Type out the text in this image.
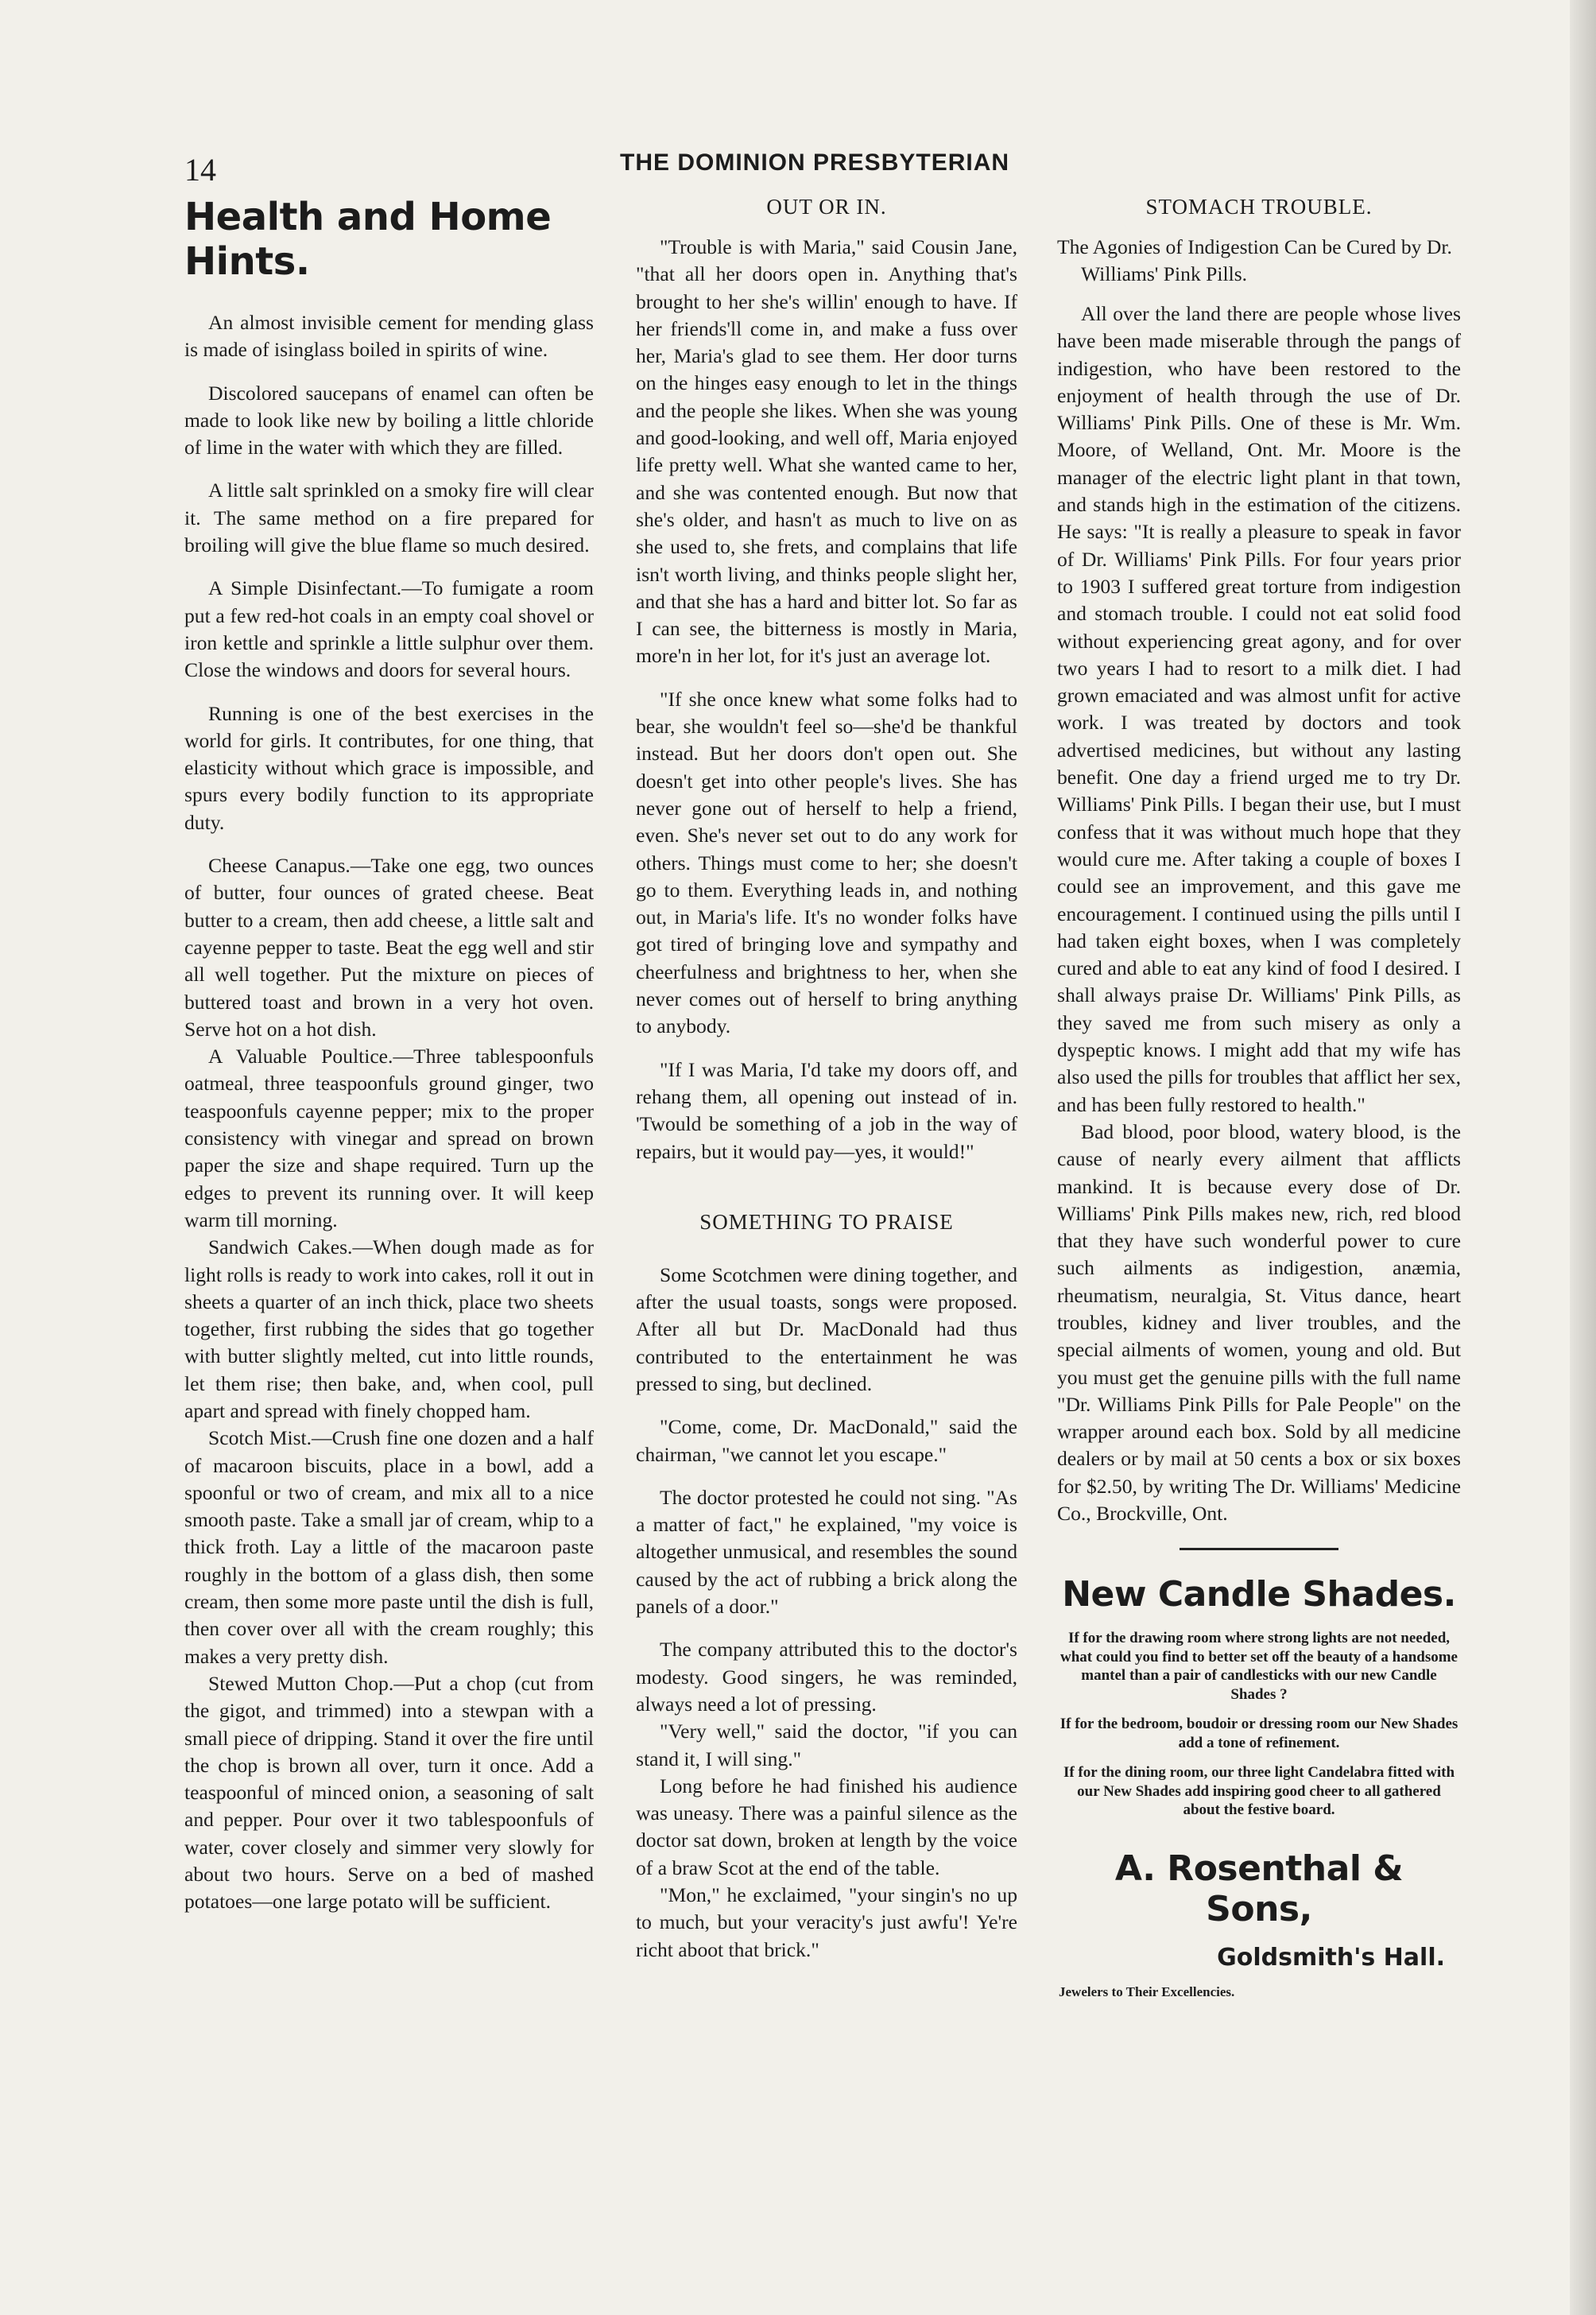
14	THE DOMINION PRESBYTERIAN
Health and Home Hints.

An almost invisible cement for mending glass is made of isinglass boiled in spirits of wine.

Discolored saucepans of enamel can often be made to look like new by boiling a little chloride of lime in the water with which they are filled.

A little salt sprinkled on a smoky fire will clear it. The same method on a fire prepared for broiling will give the blue flame so much desired.

A Simple Disinfectant.—To fumigate a room put a few red-hot coals in an empty coal shovel or iron kettle and sprinkle a little sulphur over them. Close the windows and doors for several hours.

Running is one of the best exercises in the world for girls. It contributes, for one thing, that elasticity without which grace is impossible, and spurs every bodily function to its appropriate duty.

Cheese Canapus.—Take one egg, two ounces of butter, four ounces of grated cheese. Beat butter to a cream, then add cheese, a little salt and cayenne pepper to taste. Beat the egg well and stir all well together. Put the mixture on pieces of buttered toast and brown in a very hot oven. Serve hot on a hot dish.

A Valuable Poultice.—Three tablespoonfuls oatmeal, three teaspoonfuls ground ginger, two teaspoonfuls cayenne pepper; mix to the proper consistency with vinegar and spread on brown paper the size and shape required. Turn up the edges to prevent its running over. It will keep warm till morning.

Sandwich Cakes.—When dough made as for light rolls is ready to work into cakes, roll it out in sheets a quarter of an inch thick, place two sheets together, first rubbing the sides that go together with butter slightly melted, cut into little rounds, let them rise; then bake, and, when cool, pull apart and spread with finely chopped ham.

Scotch Mist.—Crush fine one dozen and a half of macaroon biscuits, place in a bowl, add a spoonful or two of cream, and mix all to a nice smooth paste. Take a small jar of cream, whip to a thick froth. Lay a little of the macaroon paste roughly in the bottom of a glass dish, then some cream, then some more paste until the dish is full, then cover over all with the cream roughly; this makes a very pretty dish.

Stewed Mutton Chop.—Put a chop (cut from the gigot, and trimmed) into a stewpan with a small piece of dripping. Stand it over the fire until the chop is brown all over, turn it once. Add a teaspoonful of minced onion, a seasoning of salt and pepper. Pour over it two tablespoonfuls of water, cover closely and simmer very slowly for about two hours. Serve on a bed of mashed potatoes—one large potato will be sufficient.

OUT OR IN.

"Trouble is with Maria," said Cousin Jane, "that all her doors open in. Anything that's brought to her she's willin' enough to have. If her friends'll come in, and make a fuss over her, Maria's glad to see them. Her door turns on the hinges easy enough to let in the things and the people she likes. When she was young and good-looking, and well off, Maria enjoyed life pretty well. What she wanted came to her, and she was contented enough. But now that she's older, and hasn't as much to live on as she used to, she frets, and complains that life isn't worth living, and thinks people slight her, and that she has a hard and bitter lot. So far as I can see, the bitterness is mostly in Maria, more'n in her lot, for it's just an average lot.

"If she once knew what some folks had to bear, she wouldn't feel so—she'd be thankful instead. But her doors don't open out. She doesn't get into other people's lives. She has never gone out of herself to help a friend, even. She's never set out to do any work for others. Things must come to her; she doesn't go to them. Everything leads in, and nothing out, in Maria's life. It's no wonder folks have got tired of bringing love and sympathy and cheerfulness and brightness to her, when she never comes out of herself to bring anything to anybody.

"If I was Maria, I'd take my doors off, and rehang them, all opening out instead of in. 'Twould be something of a job in the way of repairs, but it would pay—yes, it would!"

SOMETHING TO PRAISE

Some Scotchmen were dining together, and after the usual toasts, songs were proposed. After all but Dr. MacDonald had thus contributed to the entertainment he was pressed to sing, but declined.

"Come, come, Dr. MacDonald," said the chairman, "we cannot let you escape."

The doctor protested he could not sing. "As a matter of fact," he explained, "my voice is altogether unmusical, and resembles the sound caused by the act of rubbing a brick along the panels of a door."

The company attributed this to the doctor's modesty. Good singers, he was reminded, always need a lot of pressing.

"Very well," said the doctor, "if you can stand it, I will sing."

Long before he had finished his audience was uneasy. There was a painful silence as the doctor sat down, broken at length by the voice of a braw Scot at the end of the table.

"Mon," he exclaimed, "your singin's no up to much, but your veracity's just awfu'! Ye're richt aboot that brick."

STOMACH TROUBLE.
The Agonies of Indigestion Can be Cured by Dr. Williams' Pink Pills.

All over the land there are people whose lives have been made miserable through the pangs of indigestion, who have been restored to the enjoyment of health through the use of Dr. Williams' Pink Pills. One of these is Mr. Wm. Moore, of Welland, Ont. Mr. Moore is the manager of the electric light plant in that town, and stands high in the estimation of the citizens. He says: "It is really a pleasure to speak in favor of Dr. Williams' Pink Pills. For four years prior to 1903 I suffered great torture from indigestion and stomach trouble. I could not eat solid food without experiencing great agony, and for over two years I had to resort to a milk diet. I had grown emaciated and was almost unfit for active work. I was treated by doctors and took advertised medicines, but without any lasting benefit. One day a friend urged me to try Dr. Williams' Pink Pills. I began their use, but I must confess that it was without much hope that they would cure me. After taking a couple of boxes I could see an improvement, and this gave me encouragement. I continued using the pills until I had taken eight boxes, when I was completely cured and able to eat any kind of food I desired. I shall always praise Dr. Williams' Pink Pills, as they saved me from such misery as only a dyspeptic knows. I might add that my wife has also used the pills for troubles that afflict her sex, and has been fully restored to health."

Bad blood, poor blood, watery blood, is the cause of nearly every ailment that afflicts mankind. It is because every dose of Dr. Williams' Pink Pills makes new, rich, red blood that they have such wonderful power to cure such ailments as indigestion, anæmia, rheumatism, neuralgia, St. Vitus dance, heart troubles, kidney and liver troubles, and the special ailments of women, young and old. But you must get the genuine pills with the full name "Dr. Williams Pink Pills for Pale People" on the wrapper around each box. Sold by all medicine dealers or by mail at 50 cents a box or six boxes for $2.50, by writing The Dr. Williams' Medicine Co., Brockville, Ont.

New Candle Shades.

If for the drawing room where strong lights are not needed, what could you find to better set off the beauty of a handsome mantel than a pair of candlesticks with our new Candle Shades ?

If for the bedroom, boudoir or dressing room our New Shades add a tone of refinement.

If for the dining room, our three light Candelabra fitted with our New Shades add inspiring good cheer to all gathered about the festive board.

A. Rosenthal & Sons,
Goldsmith's Hall.
Jewelers to Their Excellencies.
